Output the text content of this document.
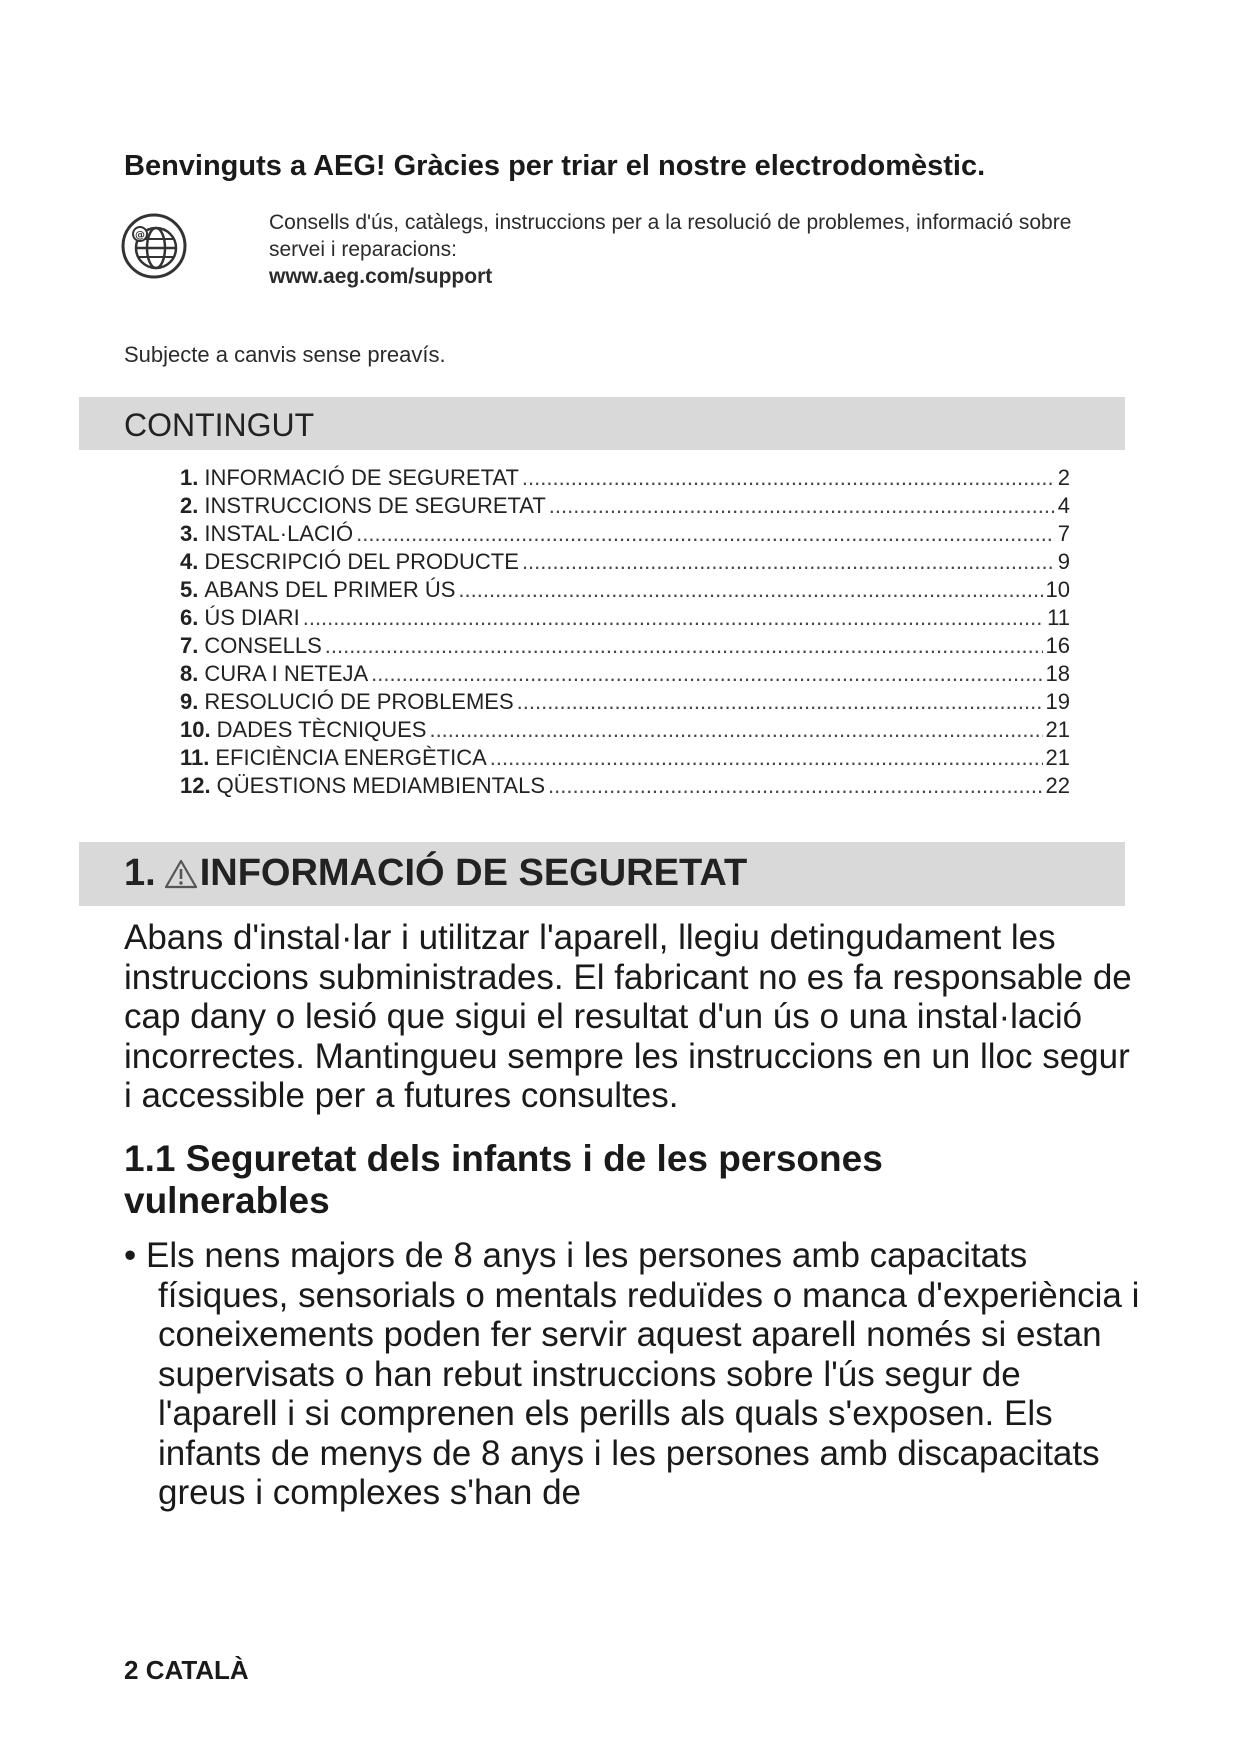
Benvinguts a AEG! Gràcies per triar el nostre electrodomèstic.
@
Consells d'ús, catàlegs, instruccions per a la resolució de problemes, informació sobre servei i reparacions:
www.aeg.com/support
Subjecte a canvis sense preavís.
CONTINGUT
1. INFORMACIÓ DE SEGURETAT .....	2
2. INSTRUCCIONS DE SEGURETAT .....	4
3. INSTAL·LACIÓ .....	7
4. DESCRIPCIÓ DEL PRODUCTE .....	9
5. ABANS DEL PRIMER ÚS .....	10
6. ÚS DIARI .....	11
7. CONSELLS .....	16
8. CURA I NETEJA .....	18
9. RESOLUCIÓ DE PROBLEMES .....	19
10. DADES TÈCNIQUES .....	21
11. EFICIÈNCIA ENERGÈTICA .....	21
12. QÜESTIONS MEDIAMBIENTALS .....	22
1. INFORMACIÓ DE SEGURETAT

Abans d'instal·lar i utilitzar l'aparell, llegiu detingudament les instruccions subministrades. El fabricant no es fa responsable de cap dany o lesió que sigui el resultat d'un ús o una instal·lació incorrectes. Mantingueu sempre les instruccions en un lloc segur i accessible per a futures consultes.

1.1 Seguretat dels infants i de les persones vulnerables

• Els nens majors de 8 anys i les persones amb capacitats físiques, sensorials o mentals reduïdes o manca d'experiència i coneixements poden fer servir aquest aparell només si estan supervisats o han rebut instruccions sobre l'ús segur de l'aparell i si comprenen els perills als quals s'exposen. Els infants de menys de 8 anys i les persones amb discapacitats greus i complexes s'han de

2 CATALÀ
